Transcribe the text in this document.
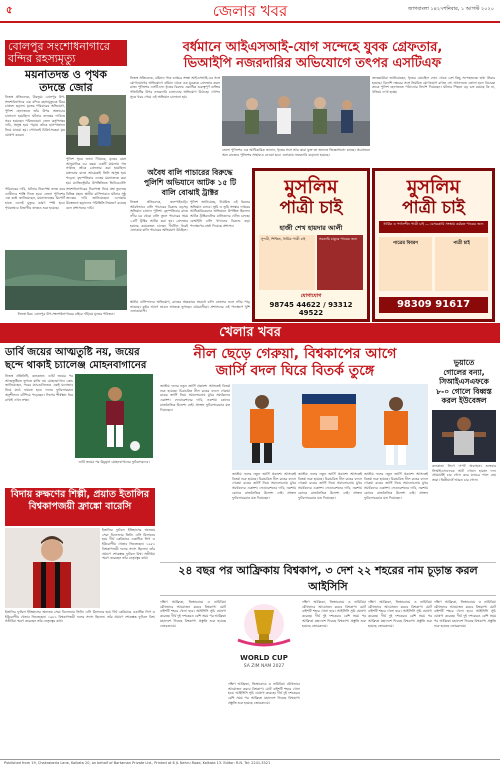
৫	জেলার খবর	জাগবাংলা ১৪২৭শনিবার, ১ আগস্ট ২০২০
বোলপুর সংশোধনাগারে
বন্দির রহস্যমৃত্যু
ময়নাতদন্ত ও পৃথক
তদন্তে জোর
নিজস্ব প্রতিবেদক, বীরভূম: বোলপুর উপ-সংশোধনাগারে এক বন্দির রহস্যমৃত্যুকে ঘিরে চাঞ্চল্য ছড়াল। মৃতের পরিবারের অভিযোগ, পুলিশ হেফাজতে তাঁর উপর অত্যাচার চালানো হয়েছিল। ঘটনার তদন্তের দাবিতে সরব হয়েছেন পরিজনেরা। জেল কর্তৃপক্ষের দাবি, অসুস্থ হয়ে পড়ায় তাঁকে হাসপাতালে নিয়ে যাওয়া হয়। সেখানেই চিকিৎসকেরা মৃত ঘোষণা করেন।
পুলিশ সূত্রে জানা গিয়েছে, মৃতের বয়স আনুমানিক ৩৫ বছর। একটি মামলায় গত সপ্তাহে তাঁকে গ্রেফতার করা হয়েছিল। মঙ্গলবার রাতে আচমকাই তিনি অসুস্থ হয়ে পড়েন। বৃহস্পতিবার দেহের ময়নাতদন্ত করা হয়। ম্যাজিস্ট্রেটের উপস্থিতিতে ভিডিওগ্রাফি
পরিবারের দাবি, ঘটনার নিরপেক্ষ তদন্ত করে দোষীদের শাস্তি দিতে হবে। জেলা পুলিশের এক কর্তা জানিয়েছেন, ময়নাতদন্তের রিপোর্ট হাতে এলেই মৃত্যুর কারণ স্পষ্ট হবে। পৃথকভাবে বিভাগীয় তদন্তও শুরু হয়েছে।
সংশোধনাগারের নিরাপত্তা নিয়ে প্রশ্ন তুলেছে বিভিন্ন মহল। স্থানীয় বাসিন্দারাও ঘটনার সুষ্ঠু তদন্তের দাবি জানিয়েছেন। এলাকায় উত্তেজনা ছড়ালেও পরিস্থিতি নিয়ন্ত্রণে রয়েছে বলে প্রশাসনের দাবি।
নিজস্ব চিত্র: বোলপুর উপ-সংশোধনাগারের বাইরে দাঁড়িয়ে মৃতের পরিজন।
বর্ধমানে আইএসআই-যোগ সন্দেহে যুবক গ্রেফতার,
ভিআইপি নজরদারির অভিযোগে তৎপর এসটিএফ
নিজস্ব প্রতিবেদক, বর্ধমান: পাক গুপ্তচর সংস্থা আইএসআই-এর সঙ্গে যোগাযোগের অভিযোগে বর্ধমান থেকে এক যুবককে গ্রেফতার করল রাজ্য পুলিশের এসটিএফ। ধৃতের বিরুদ্ধে একাধিক গুরুত্বপূর্ণ ব্যক্তির গতিবিধির উপর নজরদারি চালানোর অভিযোগ উঠেছে। গোপন সূত্রে খবর পেয়ে এই অভিযান চালানো হয়।
তদন্তকারীরা জানিয়েছেন, ধৃতের মোবাইল ফোন থেকে বেশ কিছু সন্দেহজনক তথ্য উদ্ধার হয়েছে। বিদেশি নম্বরের সঙ্গে নিয়মিত যোগাযোগ রাখত সে। আদালতে তোলা হলে বিচারক তাকে পুলিশ হেফাজতে পাঠানোর নির্দেশ দিয়েছেন। ঘটনার পিছনে বড় চক্র রয়েছে কি না, খতিয়ে দেখা হচ্ছে।
জেলা পুলিশের এক আধিকারিক জানান, ধৃতের সঙ্গে আর কারা যুক্ত তা জানতে জিজ্ঞাসাবাদ চলছে। প্রয়োজনে অন্য রাজ্যের পুলিশের সাহায্যও নেওয়া হবে। এলাকায় নজরদারি বাড়ানো হয়েছে।
অবৈধ বালি পাচারের বিরুদ্ধে
পুলিশি অভিযানে আটক ১৫ টি
বালি বোঝাই ট্রাক্টর
নিজস্ব প্রতিবেদক, জলপাইগুড়ি: অবৈধভাবে বালি পাচারের বিরুদ্ধে বড়সড় অভিযান চালাল পুলিশ। বৃহস্পতিবার রাতে নদীর চর থেকে বালি তুলে পাচারের সময় ১৫টি ট্রাক্টর আটক করা হয়। গ্রেফতার হয়েছে কয়েকজন চালক। দীর্ঘদিন ধরেই এলাকায় বালি পাচারের অভিযোগ উঠছিল।
পুলিশ জানিয়েছে, নিয়মিত এই ধরনের অভিযান চলবে। ভূমি ও ভূমি সংস্কার দপ্তরের আধিকারিকেরাও অভিযানে উপস্থিত ছিলেন। আটক ট্রাক্টরগুলির মালিকদের খোঁজ চলছে। বেআইনি বালি খাদানের বিরুদ্ধে কড়া পদক্ষেপের বার্তা দিয়েছে প্রশাসন।
স্থানীয় বাসিন্দাদের অভিযোগ, রাতের অন্ধকারে অবাধে বালি তোলার ফলে নদীর পাড় ভাঙছে। বর্ষার আগে ভাঙন আতঙ্কে ভুগছেন গ্রামবাসীরা। প্রশাসনের এই পদক্ষেপে খুশি এলাকাবাসী।
মুসলিম
পাত্রী চাই
হাজী শেখ হায়দার আলী
সুন্দরী, শিক্ষিত, ধার্মিক পাত্রী চাই	সরকারি চাকুরে পাত্রের জন্য
যোগাযোগ
98745 44622 / 93312 49522
মুসলিম
পাত্রী চাই
ধার্মিক ও পর্দানশীন পাত্রী চাই — বেসরকারি সংস্থায় কর্মরত পাত্রের জন্য
পাত্রের বিবরণ	পাত্রী চাই
98309 91617
খেলার খবর
ডার্বি জয়ের আত্মতুষ্টি নয়, জয়ের
ছন্দে থাকাই চ্যালেঞ্জ মোহনবাগানের
নিজস্ব প্রতিনিধি, কলকাতা: ডার্বি জয়ের পর আত্মতুষ্টিতে ভুগতে রাজি নয় মোহনবাগান। কোচ জানিয়েছেন, পরের ম্যাচগুলিতেও একই মনোভাব নিয়ে মাঠে নামতে হবে। দলের ফুটবলাররাও অনুশীলনে ঝাঁপিয়ে পড়েছেন। লিগের শীর্ষস্থান ধরে রাখাই এখন লক্ষ্য।
ডার্বি জয়ের পর উচ্ছ্বাস মোহনবাগানের ফুটবলারদের।
বিদায় রুক্ষণের শিল্পী, প্রয়াত ইতালির
বিশ্বকাপজয়ী ফ্রাঙ্কো বারেসি
ইতালির ফুটবল ইতিহাসের অন্যতম সেরা ডিফেন্ডার তিনি। এসি মিলানের হয়ে দীর্ঘ কেরিয়ারে একাধিক লিগ ও ইউরোপীয় খেতাব জিতেছেন। ১৯৮২ বিশ্বকাপজয়ী দলের সদস্য ছিলেন। তাঁর প্রয়াণে শোকস্তব্ধ ফুটবল বিশ্ব। সতীর্থরা স্মরণ করেছেন তাঁর নেতৃত্বের কথা।
ইতালির ফুটবল ইতিহাসের অন্যতম সেরা ডিফেন্ডার তিনি। এসি মিলানের হয়ে দীর্ঘ কেরিয়ারে একাধিক লিগ ও ইউরোপীয় খেতাব জিতেছেন। ১৯৮২ বিশ্বকাপজয়ী দলের সদস্য ছিলেন। তাঁর প্রয়াণে শোকস্তব্ধ ফুটবল বিশ্ব। সতীর্থরা স্মরণ করেছেন তাঁর নেতৃত্বের কথা।
নীল ছেড়ে গেরুয়া, বিশ্বকাপের আগে
জার্সি বদল ঘিরে বিতর্ক তুঙ্গে
জাতীয় দলের নতুন জার্সি প্রকাশ্যে আসতেই বিতর্ক শুরু হয়েছে। চিরাচরিত নীল রঙের বদলে গেরুয়া রঙের জার্সি নিয়ে সমালোচনায় মুখর সমর্থকদের একাংশ। ফেডারেশনের দাবি, নকশায় কোনও রাজনৈতিক উদ্দেশ্য নেই। প্রাক্তন ফুটবলারেরাও মত দিয়েছেন।
জাতীয় দলের নতুন জার্সি প্রকাশ্যে আসতেই বিতর্ক শুরু হয়েছে। চিরাচরিত নীল রঙের বদলে গেরুয়া রঙের জার্সি নিয়ে সমালোচনায় মুখর সমর্থকদের একাংশ। ফেডারেশনের দাবি, নকশায় কোনও রাজনৈতিক উদ্দেশ্য নেই। প্রাক্তন ফুটবলারেরাও মত দিয়েছেন।
জাতীয় দলের নতুন জার্সি প্রকাশ্যে আসতেই বিতর্ক শুরু হয়েছে। চিরাচরিত নীল রঙের বদলে গেরুয়া রঙের জার্সি নিয়ে সমালোচনায় মুখর সমর্থকদের একাংশ। ফেডারেশনের দাবি, নকশায় কোনও রাজনৈতিক উদ্দেশ্য নেই। প্রাক্তন ফুটবলারেরাও মত দিয়েছেন।
জাতীয় দলের নতুন জার্সি প্রকাশ্যে আসতেই বিতর্ক শুরু হয়েছে। চিরাচরিত নীল রঙের বদলে গেরুয়া রঙের জার্সি নিয়ে সমালোচনায় মুখর সমর্থকদের একাংশ। ফেডারেশনের দাবি, নকশায় কোনও রাজনৈতিক উদ্দেশ্য নেই। প্রাক্তন ফুটবলারেরাও মত দিয়েছেন।
ভুয়াতে
গোলের বন্যা,
সিআইএসএফকে
৮-০ গোলে বিধ্বস্ত
করল ইউবেঙ্গল
কলকাতা লিগে দাপট অব্যাহত। শুক্রবার সিআইএসএফকে আট গোলে হারাল দল। প্রথমার্ধেই চার গোল করে ম্যাচের দখল নেয় তারা। দ্বিতীয়ার্ধে আরও চার গোল।
২৪ বছর পর আফ্রিকায় বিশ্বকাপ, ৩ দেশ ২২ শহরের নাম চূড়ান্ত করল আইসিসি
দক্ষিণ আফ্রিকা, জিম্বাবোয়ে ও নামিবিয়া যৌথভাবে আয়োজন করবে বিশ্বকাপ। মোট বাইশটি শহরে খেলা হবে। আইসিসি সূচি ঘোষণা করেছে। দীর্ঘ দুই দশকেরও বেশি সময় পর আফ্রিকা মহাদেশে ফিরছে বিশ্বকাপ। প্রস্তুতি শুরু হয়েছে জোরকদমে।
WORLD CUP
SA ZIM NAM 2027
দক্ষিণ আফ্রিকা, জিম্বাবোয়ে ও নামিবিয়া যৌথভাবে আয়োজন করবে বিশ্বকাপ। মোট বাইশটি শহরে খেলা হবে। আইসিসি সূচি ঘোষণা করেছে। দীর্ঘ দুই দশকেরও বেশি সময় পর আফ্রিকা মহাদেশে ফিরছে বিশ্বকাপ। প্রস্তুতি শুরু হয়েছে জোরকদমে।
দক্ষিণ আফ্রিকা, জিম্বাবোয়ে ও নামিবিয়া যৌথভাবে আয়োজন করবে বিশ্বকাপ। মোট বাইশটি শহরে খেলা হবে। আইসিসি সূচি ঘোষণা করেছে। দীর্ঘ দুই দশকেরও বেশি সময় পর আফ্রিকা মহাদেশে ফিরছে বিশ্বকাপ। প্রস্তুতি শুরু হয়েছে জোরকদমে।
দক্ষিণ আফ্রিকা, জিম্বাবোয়ে ও নামিবিয়া যৌথভাবে আয়োজন করবে বিশ্বকাপ। মোট বাইশটি শহরে খেলা হবে। আইসিসি সূচি ঘোষণা করেছে। দীর্ঘ দুই দশকেরও বেশি সময় পর আফ্রিকা মহাদেশে ফিরছে বিশ্বকাপ। প্রস্তুতি শুরু হয়েছে জোরকদমে।
দক্ষিণ আফ্রিকা, জিম্বাবোয়ে ও নামিবিয়া যৌথভাবে আয়োজন করবে বিশ্বকাপ। মোট বাইশটি শহরে খেলা হবে। আইসিসি সূচি ঘোষণা করেছে। দীর্ঘ দুই দশকেরও বেশি সময় পর আফ্রিকা মহাদেশে ফিরছে বিশ্বকাপ। প্রস্তুতি শুরু হয়েছে জোরকদমে।
Published from 19, Chakraberia Lane, Kolkata 20, on behalf of Bartaman Private Ltd., Printed at 6 JL Nehru Road, Kolkata 13. Editor: R.N. Tel: 2241-3521
